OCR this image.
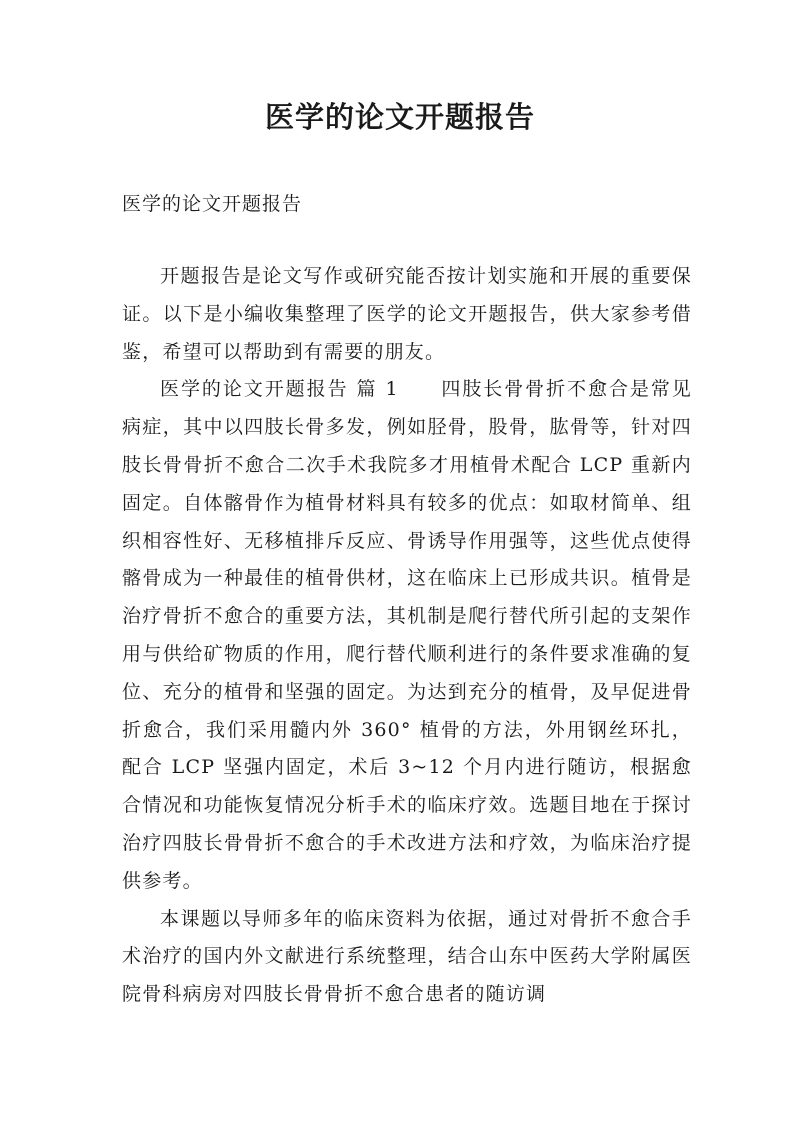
医学的论文开题报告

医学的论文开题报告

开题报告是论文写作或研究能否按计划实施和开展的重要保证。以下是小编收集整理了医学的论文开题报告，供大家参考借鉴，希望可以帮助到有需要的朋友。

医学的论文开题报告 篇 1　　四肢长骨骨折不愈合是常见病症，其中以四肢长骨多发，例如胫骨，股骨，肱骨等，针对四肢长骨骨折不愈合二次手术我院多才用植骨术配合 LCP 重新内固定。自体髂骨作为植骨材料具有较多的优点：如取材简单、组织相容性好、无移植排斥反应、骨诱导作用强等，这些优点使得髂骨成为一种最佳的植骨供材，这在临床上已形成共识。植骨是治疗骨折不愈合的重要方法，其机制是爬行替代所引起的支架作用与供给矿物质的作用，爬行替代顺利进行的条件要求准确的复位、充分的植骨和坚强的固定。为达到充分的植骨，及早促进骨折愈合，我们采用髓内外 360° 植骨的方法，外用钢丝环扎，配合 LCP 坚强内固定，术后 3~12 个月内进行随访，根据愈合情况和功能恢复情况分析手术的临床疗效。选题目地在于探讨治疗四肢长骨骨折不愈合的手术改进方法和疗效，为临床治疗提供参考。

本课题以导师多年的临床资料为依据，通过对骨折不愈合手术治疗的国内外文献进行系统整理，结合山东中医药大学附属医院骨科病房对四肢长骨骨折不愈合患者的随访调
